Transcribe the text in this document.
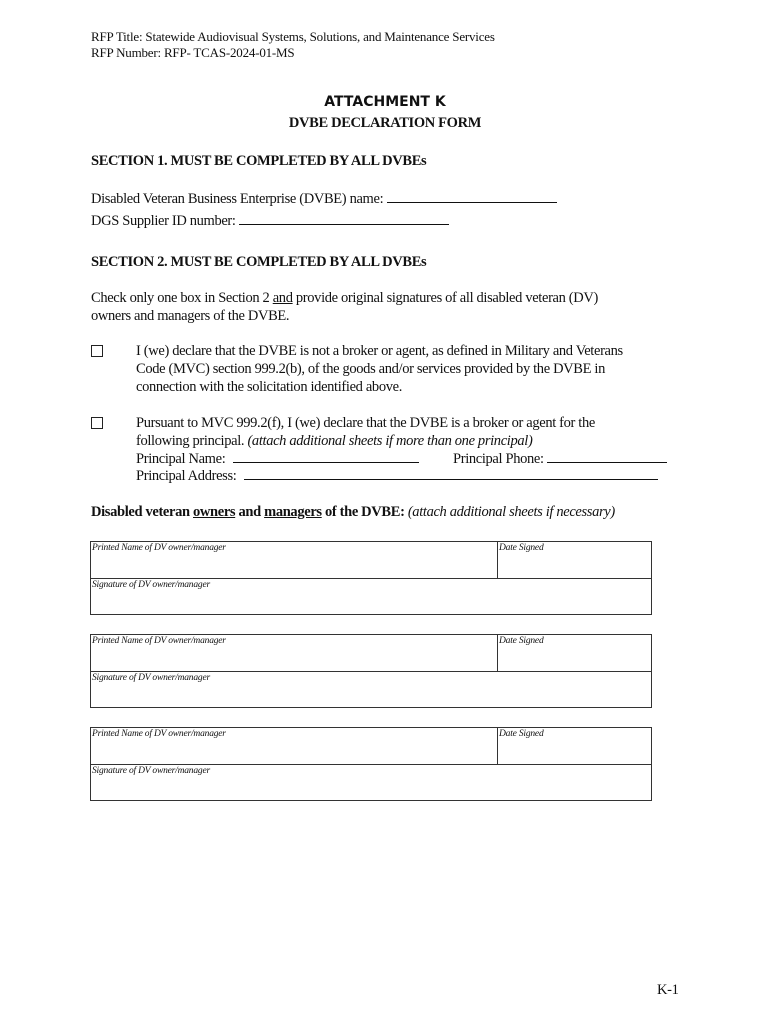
RFP Title: Statewide Audiovisual Systems, Solutions, and Maintenance Services
RFP Number: RFP- TCAS-2024-01-MS
ATTACHMENT K
DVBE DECLARATION FORM
SECTION 1. MUST BE COMPLETED BY ALL DVBEs
Disabled Veteran Business Enterprise (DVBE) name:
DGS Supplier ID number:
SECTION 2. MUST BE COMPLETED BY ALL DVBEs
Check only one box in Section 2 and provide original signatures of all disabled veteran (DV)
owners and managers of the DVBE.
I (we) declare that the DVBE is not a broker or agent, as defined in Military and Veterans
Code (MVC) section 999.2(b), of the goods and/or services provided by the DVBE in
connection with the solicitation identified above.
Pursuant to MVC 999.2(f), I (we) declare that the DVBE is a broker or agent for the
following principal. (attach additional sheets if more than one principal)
Principal Name:	Principal Phone:
Principal Address:
Disabled veteran owners and managers of the DVBE: (attach additional sheets if necessary)
Printed Name of DV owner/manager	Date Signed
Signature of DV owner/manager
Printed Name of DV owner/manager	Date Signed
Signature of DV owner/manager
Printed Name of DV owner/manager	Date Signed
Signature of DV owner/manager
K-1
